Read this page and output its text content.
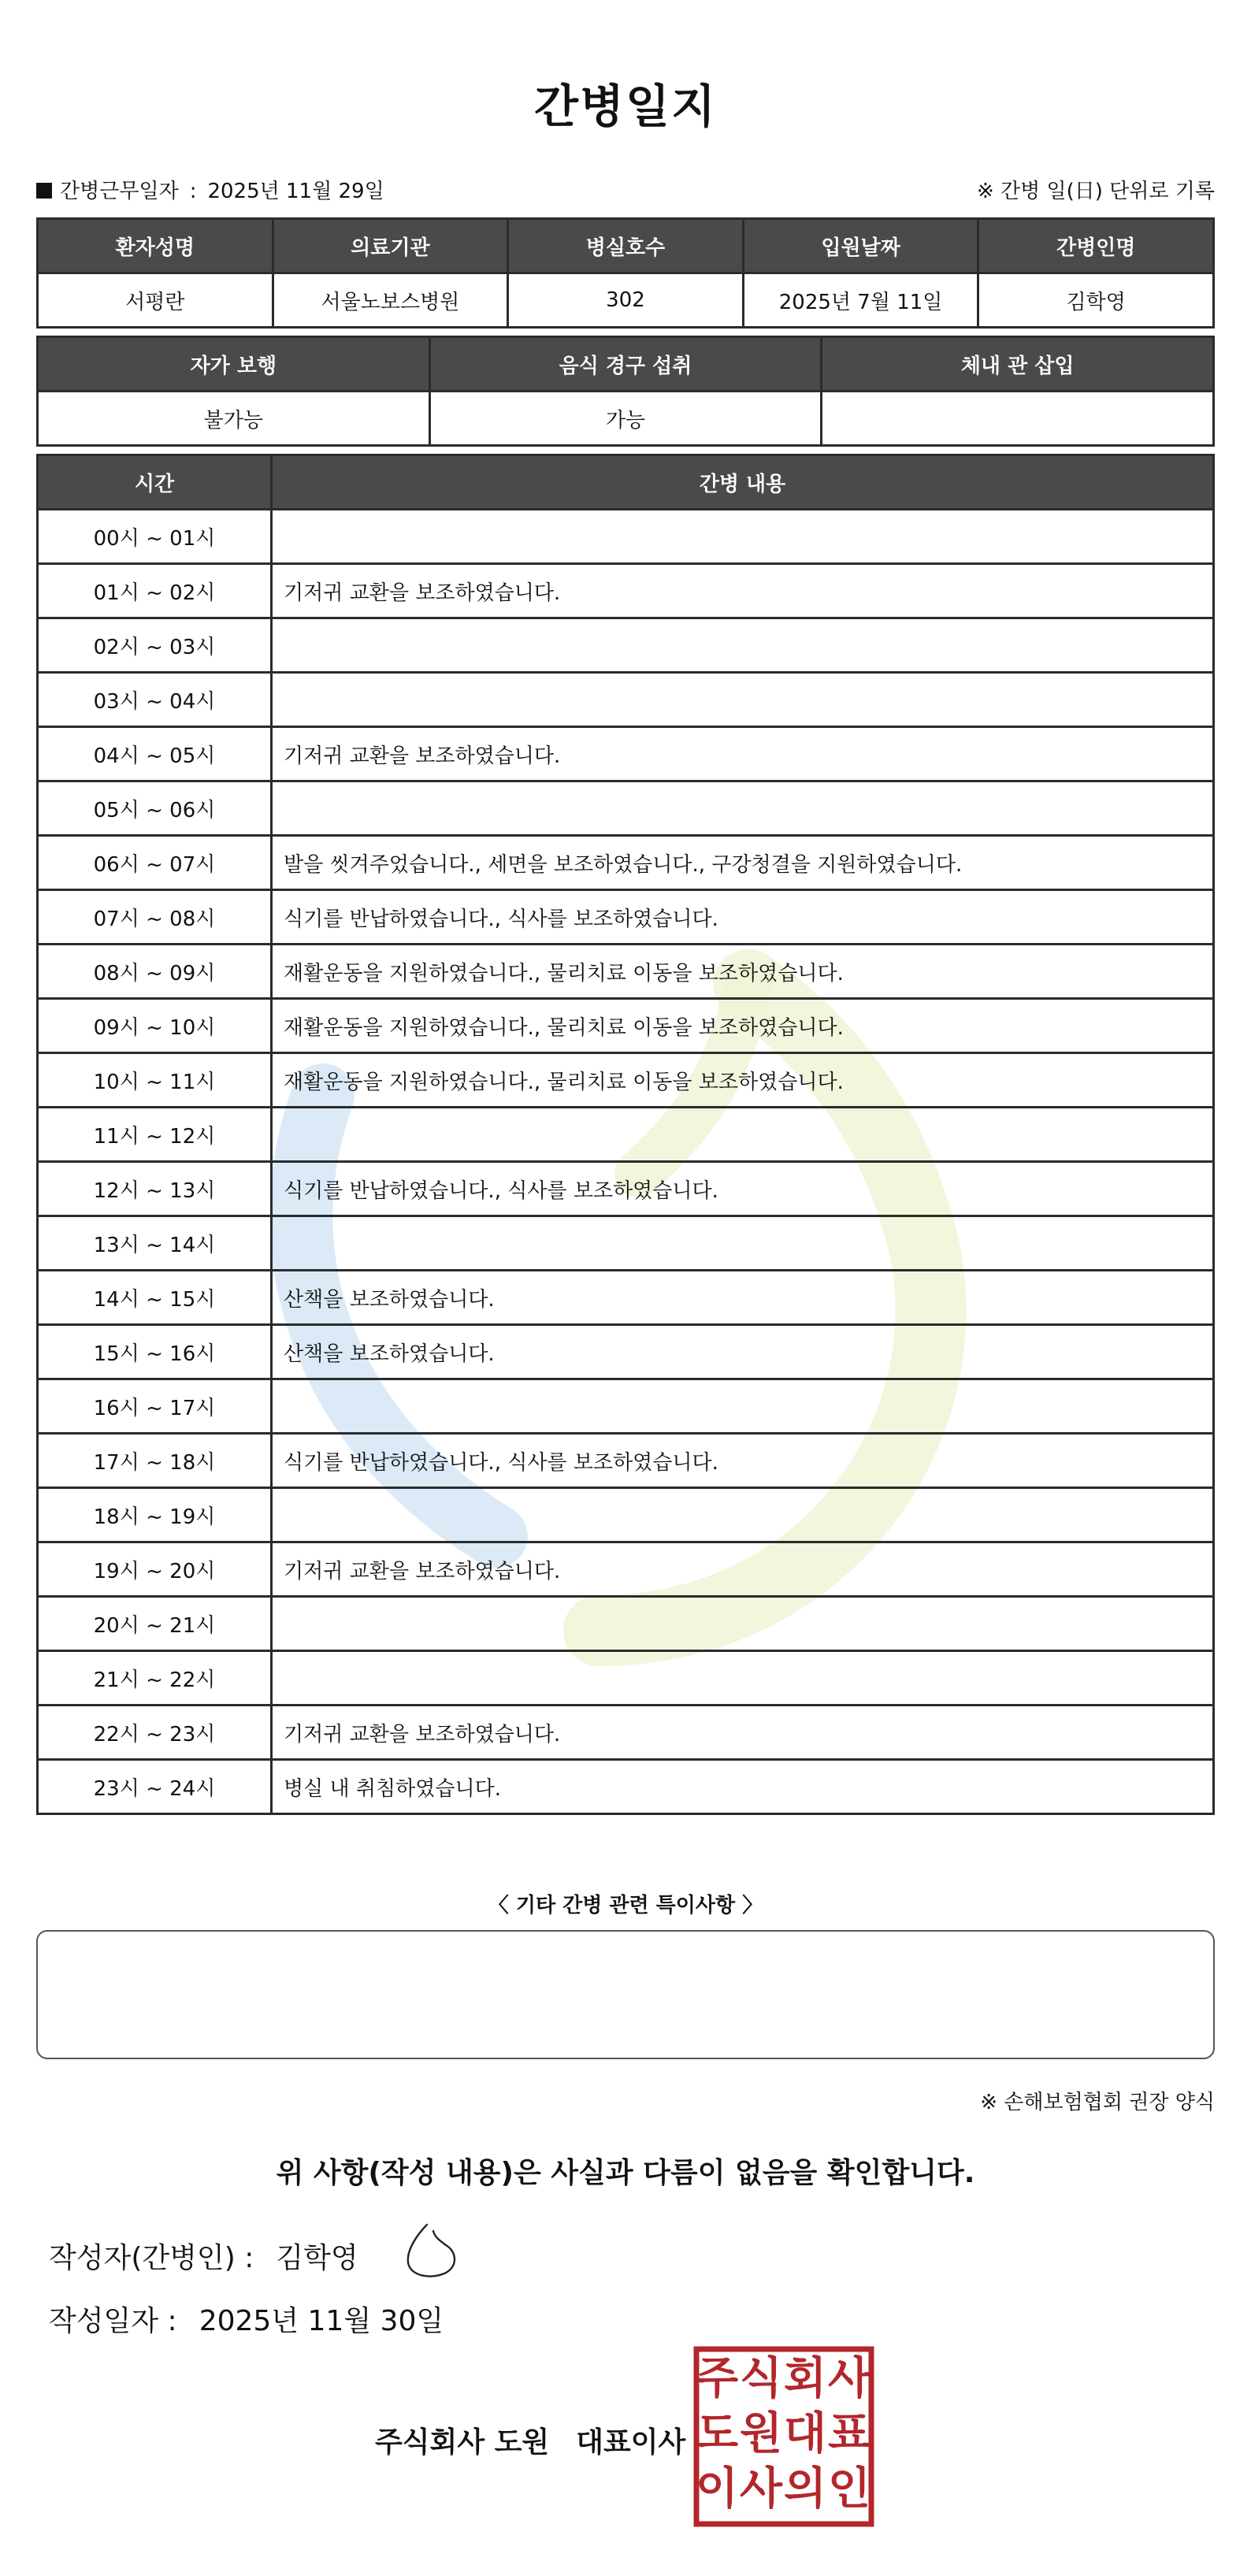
간병일지
간병근무일자 : 2025년 11월 29일	※ 간병 일(日) 단위로 기록
환자성명	의료기관	병실호수	입원날짜	간병인명
서평란	서울노보스병원	302	2025년 7월 11일	김학영
자가 보행	음식 경구 섭취	체내 관 삽입
불가능	가능	
시간	간병 내용
00시 ~ 01시	
01시 ~ 02시	기저귀 교환을 보조하였습니다.
02시 ~ 03시	
03시 ~ 04시	
04시 ~ 05시	기저귀 교환을 보조하였습니다.
05시 ~ 06시	
06시 ~ 07시	발을 씻겨주었습니다., 세면을 보조하였습니다., 구강청결을 지원하였습니다.
07시 ~ 08시	식기를 반납하였습니다., 식사를 보조하였습니다.
08시 ~ 09시	재활운동을 지원하였습니다., 물리치료 이동을 보조하였습니다.
09시 ~ 10시	재활운동을 지원하였습니다., 물리치료 이동을 보조하였습니다.
10시 ~ 11시	재활운동을 지원하였습니다., 물리치료 이동을 보조하였습니다.
11시 ~ 12시	
12시 ~ 13시	식기를 반납하였습니다., 식사를 보조하였습니다.
13시 ~ 14시	
14시 ~ 15시	산책을 보조하였습니다.
15시 ~ 16시	산책을 보조하였습니다.
16시 ~ 17시	
17시 ~ 18시	식기를 반납하였습니다., 식사를 보조하였습니다.
18시 ~ 19시	
19시 ~ 20시	기저귀 교환을 보조하였습니다.
20시 ~ 21시	
21시 ~ 22시	
22시 ~ 23시	기저귀 교환을 보조하였습니다.
23시 ~ 24시	병실 내 취침하였습니다.
〈 기타 간병 관련 특이사항 〉
※ 손해보험협회 권장 양식
위 사항(작성 내용)은 사실과 다름이 없음을 확인합니다.
작성자(간병인) : 김학영
작성일자 : 2025년 11월 30일
주식회사 도원 대표이사
주 식 회 사
도 원 대 표
이 사 의 인
